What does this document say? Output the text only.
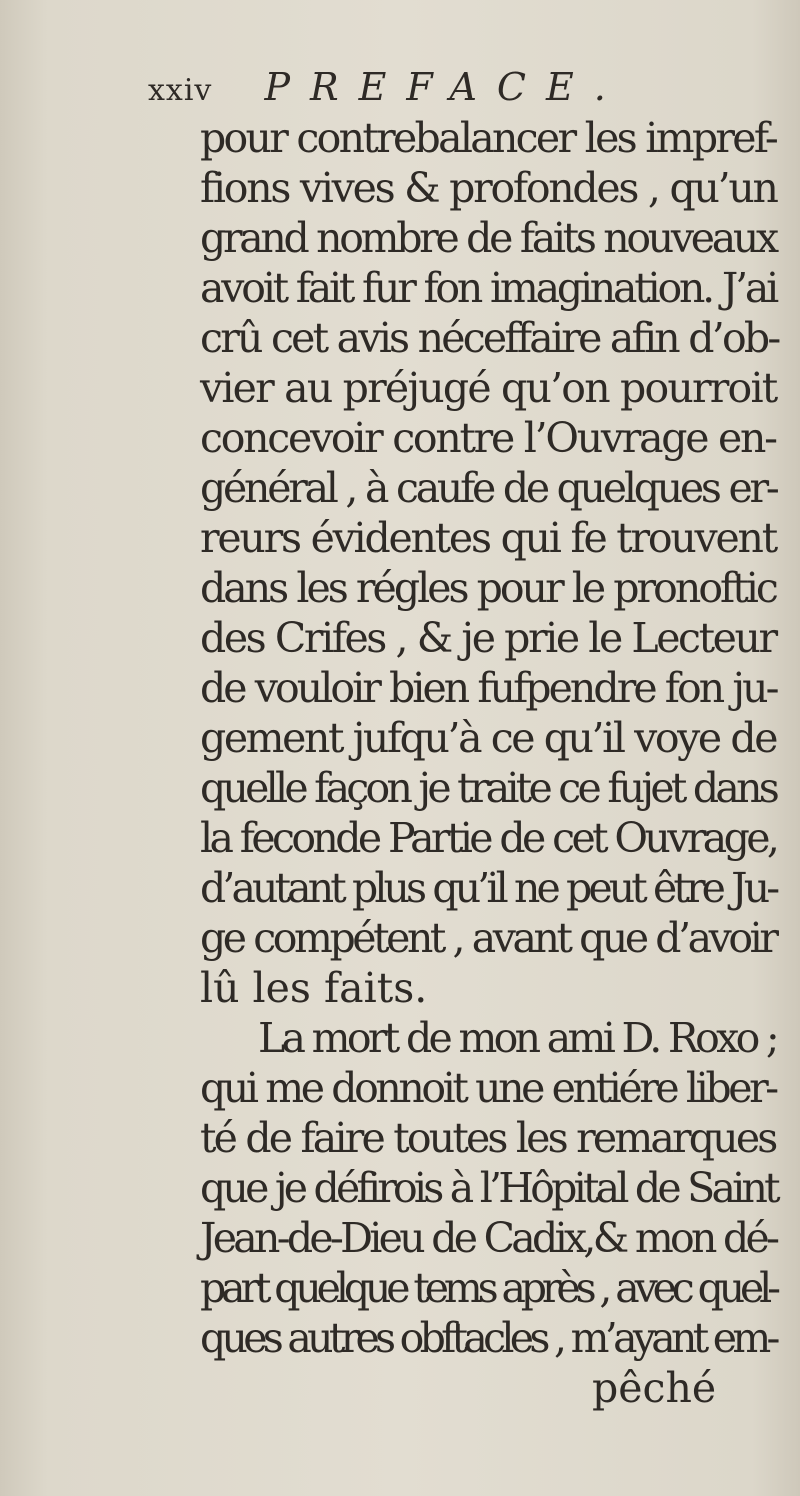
xxiv PREFACE.
pour contrebalancer les impref-
fions vives & profondes , qu’un
grand nombre de faits nouveaux
avoit fait fur fon imagination. J’ai
crû cet avis néceffaire afin d’ob-
vier au préjugé qu’on pourroit
concevoir contre l’Ouvrage en-
général , à caufe de quelques er-
reurs évidentes qui fe trouvent
dans les régles pour le pronoftic
des Crifes , & je prie le Lecteur
de vouloir bien fufpendre fon ju-
gement jufqu’à ce qu’il voye de
quelle façon je traite ce fujet dans
la feconde Partie de cet Ouvrage,
d’autant plus qu’il ne peut être Ju-
ge compétent , avant que d’avoir
lû les faits.
La mort de mon ami D. Roxo ;
qui me donnoit une entiére liber-
té de faire toutes les remarques
que je défirois à l’Hôpital de Saint
Jean-de-Dieu de Cadix,& mon dé-
part quelque tems après , avec quel-
ques autres obftacles , m’ayant em-
pêché
